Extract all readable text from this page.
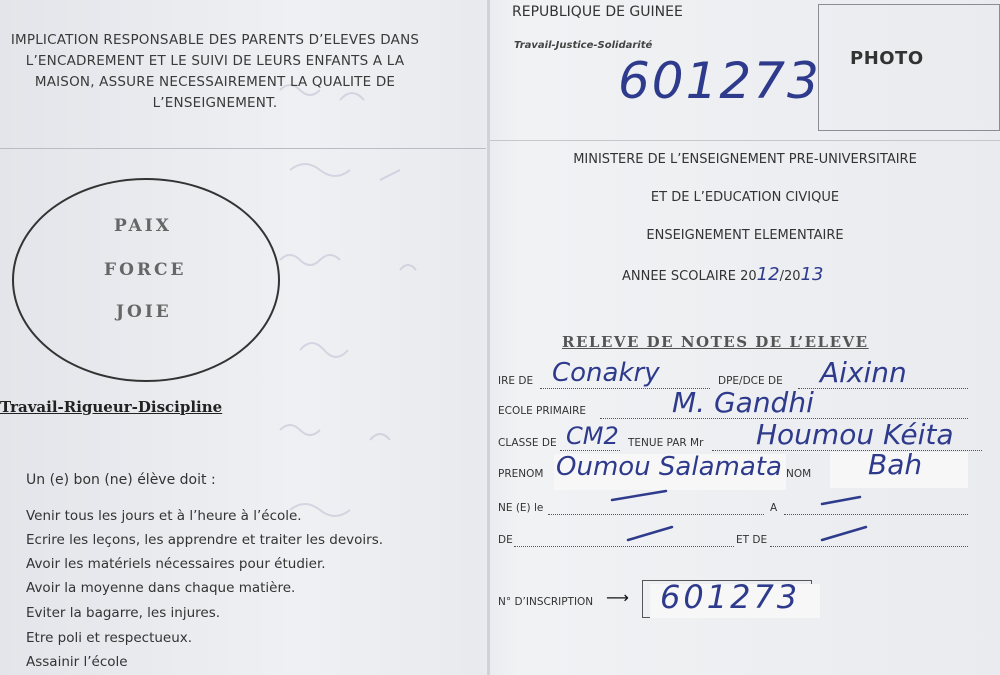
IMPLICATION RESPONSABLE DES PARENTS D’ELEVES DANS
L’ENCADREMENT ET LE SUIVI DE LEURS ENFANTS A LA
MAISON, ASSURE NECESSAIREMENT LA QUALITE DE
L’ENSEIGNEMENT.
PAIX
FORCE
JOIE
Travail-Rigueur-Discipline
Un (e) bon (ne) élève doit :
Venir tous les jours et à l’heure à l’école.
Ecrire les leçons, les apprendre et traiter les devoirs.
Avoir les matériels nécessaires pour étudier.
Avoir la moyenne dans chaque matière.
Eviter la bagarre, les injures.
Etre poli et respectueux.
Assainir l’école
REPUBLIQUE DE GUINEE
Travail-Justice-Solidarité
PHOTO
601273
MINISTERE DE L’ENSEIGNEMENT PRE-UNIVERSITAIRE
ET DE L’EDUCATION CIVIQUE
ENSEIGNEMENT ELEMENTAIRE
ANNEE SCOLAIRE 2012/2013
RELEVE DE NOTES DE L’ELEVE
IRE DE Conakry	DPE/DCE DE Aixinn
ECOLE PRIMAIRE	M. Gandhi
CLASSE DE CM2 TENUE PAR Mr Houmou Kéita
PRENOM Oumou Salamata NOM Bah
NE (E) le	A
DE	ET DE
N° D’INSCRIPTION ⟶ 601273
